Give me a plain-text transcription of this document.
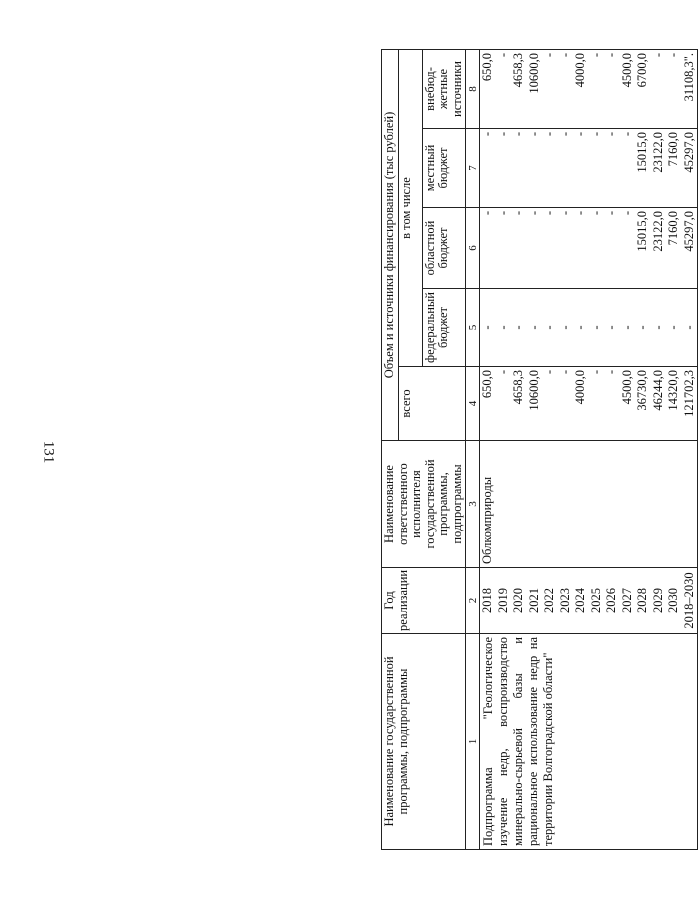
131
Наименование государственной программы, подпрограммы	Год реализации	Наименование ответственного исполнителя государственной программы, подпрограммы	Объем и источники финансирования (тыс рублей)				
			всего	в том числе			
				федеральный бюджет	областной бюджет	местный бюджет	внебюд-жетные источники
1	2	3	4	5	6	7	8
Подпрограмма "Геологическое изучение недр, воспроизводство минерально-сырьевой базы и рациональное использование недр на территории Волгоградской области"	2018	Облкомприроды	650,0	-	-	-	650,0
	2019		-	-	-	-	-
	2020		4658,3	-	-	-	4658,3
	2021		10600,0	-	-	-	10600,0
	2022		-	-	-	-	-
	2023		-	-	-	-	-
	2024		4000,0	-	-	-	4000,0
	2025		-	-	-	-	-
	2026		-	-	-	-	-
	2027		4500,0	-	-	-	4500,0
	2028		36730,0	-	15015,0	15015,0	6700,0
	2029		46244,0	-	23122,0	23122,0	-
	2030		14320,0	-	7160,0	7160,0	-
	2018–2030		121702,3	-	45297,0	45297,0	31108,3".
